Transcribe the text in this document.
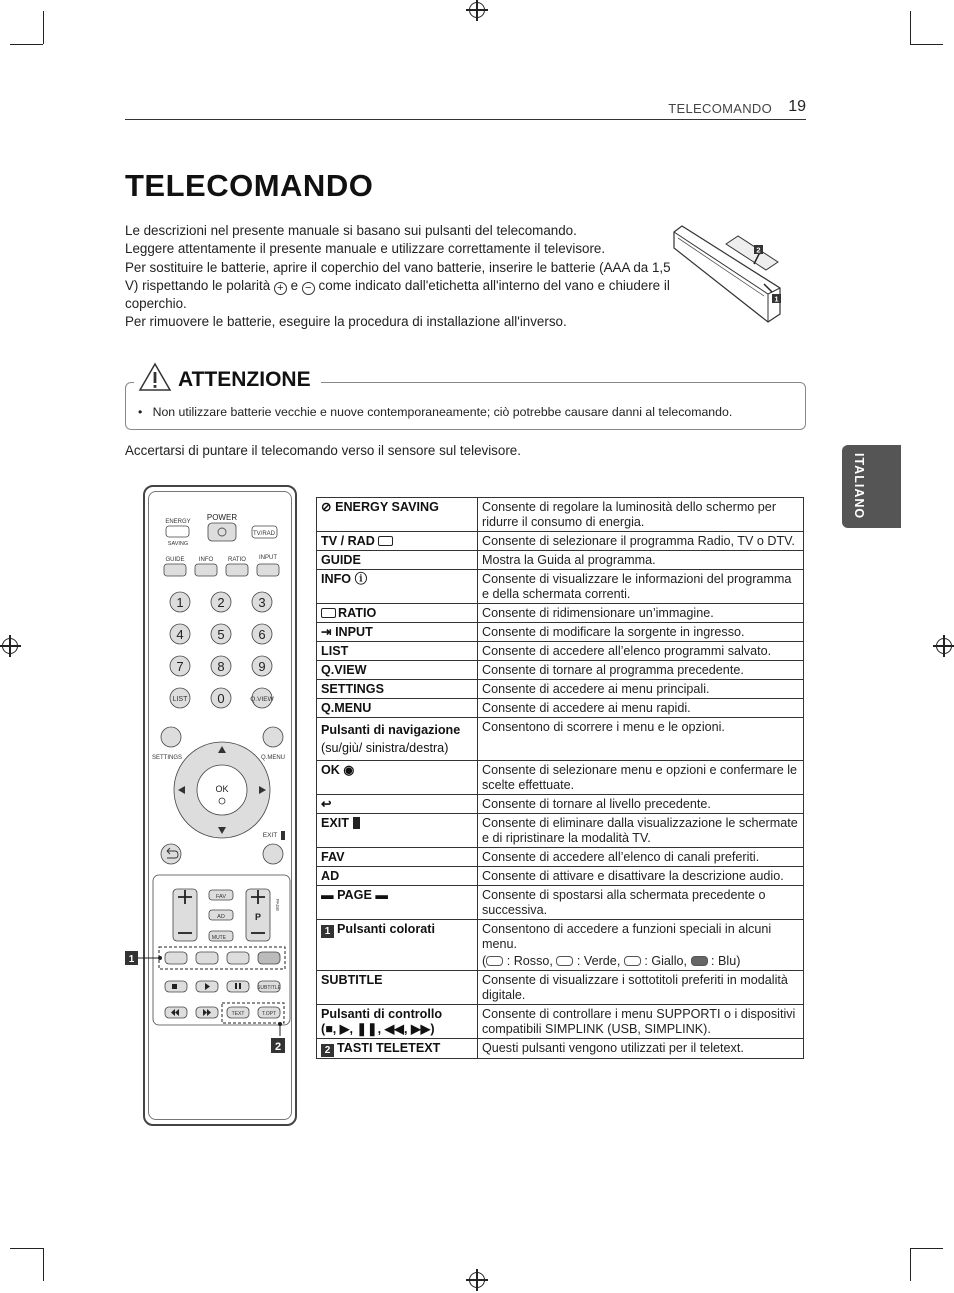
TELECOMANDO 19
TELECOMANDO
Le descrizioni nel presente manuale si basano sui pulsanti del telecomando.
Leggere attentamente il presente manuale e utilizzare correttamente il televisore.
Per sostituire le batterie, aprire il coperchio del vano batterie, inserire le batterie (AAA da 1,5 V) rispettando le polarità + e − come indicato dall'etichetta all'interno del vano e chiudere il coperchio.
Per rimuovere le batterie, eseguire la procedura di installazione all'inverso.
2
1
ATTENZIONE
•   Non utilizzare batterie vecchie e nuove contemporaneamente; ciò potrebbe causare danni al telecomando.
Accertarsi di puntare il telecomando verso il sensore sul televisore.
ITALIANO
ENERGY
SAVING
POWER
TV/RAD
GUIDE INFO RATIO INPUT
1	2	3
4	5	6
7	8	9
LIST 0	Q.VIEW
SETTINGS	Q.MENU
OK
EXIT
P
FAV
AD
MUTE
PAGE
1
SUBTITLE
TEXT	T.OPT
2
⊘ ENERGY SAVING	Consente di regolare la luminosità dello schermo per ridurre il consumo di energia.
TV / RAD	Consente di selezionare il programma Radio, TV o DTV.
GUIDE	Mostra la Guida al programma.
INFO ⓘ	Consente di visualizzare le informazioni del programma e della schermata correnti.
RATIO	Consente di ridimensionare un’immagine.
⇥ INPUT	Consente di modificare la sorgente in ingresso.
LIST	Consente di accedere all’elenco programmi salvato.
Q.VIEW	Consente di tornare al programma precedente.
SETTINGS	Consente di accedere ai menu principali.
Q.MENU	Consente di accedere ai menu rapidi.
Pulsanti di navigazione (su/giù/ sinistra/destra)	Consentono di scorrere i menu e le opzioni.
OK ◉	Consente di selezionare menu e opzioni e confermare le scelte effettuate.
↩	Consente di tornare al livello precedente.
EXIT	Consente di eliminare dalla visualizzazione le schermate e di ripristinare la modalità TV.
FAV	Consente di accedere all’elenco di canali preferiti.
AD	Consente di attivare e disattivare la descrizione audio.
▬ PAGE ▬	Consente di spostarsi alla schermata precedente o successiva.
1 Pulsanti colorati	Consentono di accedere a funzioni speciali in alcuni menu.
( : Rosso, : Verde, : Giallo, : Blu)

SUBTITLE	Consente di visualizzare i sottotitoli preferiti in modalità digitale.

Pulsanti di controllo
(■, ▶, ❚❚, ◀◀, ▶▶)	Consente di controllare i menu SUPPORTI o i dispositivi compatibili SIMPLINK (USB, SIMPLINK).
2 TASTI TELETEXT	Questi pulsanti vengono utilizzati per il teletext.
